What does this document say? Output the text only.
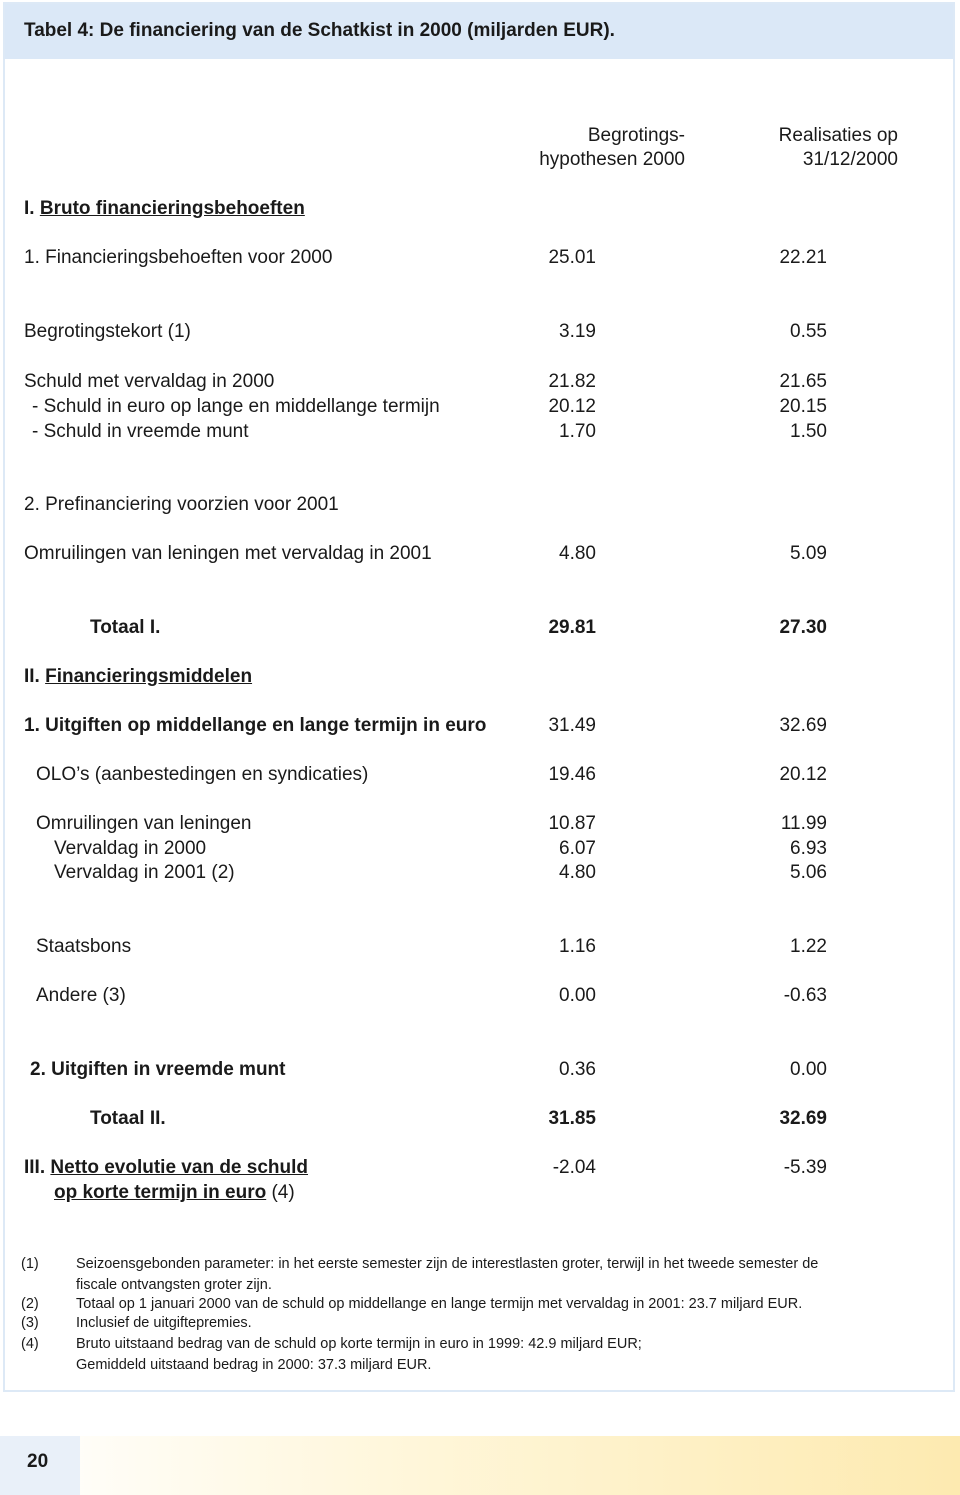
Tabel 4: De financiering van de Schatkist in 2000 (miljarden EUR).
Begrotings-
hypothesen 2000
Realisaties op
31/12/2000
I. Bruto financieringsbehoeften
1. Financieringsbehoeften voor 2000	25.01	22.21
Begrotingstekort (1)	3.19	0.55
Schuld met vervaldag in 2000	21.82	21.65
- Schuld in euro op lange en middellange termijn	20.12	20.15
- Schuld in vreemde munt	1.70	1.50
2. Prefinanciering voorzien voor 2001
Omruilingen van leningen met vervaldag in 2001	4.80	5.09
Totaal I.	29.81	27.30
II. Financieringsmiddelen
1. Uitgiften op middellange en lange termijn in euro	31.49	32.69
OLO’s (aanbestedingen en syndicaties)	19.46	20.12
Omruilingen van leningen	10.87	11.99
Vervaldag in 2000	6.07	6.93
Vervaldag in 2001 (2)	4.80	5.06
Staatsbons	1.16	1.22
Andere (3)	0.00	-0.63
2. Uitgiften in vreemde munt	0.36	0.00
Totaal II.	31.85	32.69
III. Netto evolutie van de schuld
op korte termijn in euro (4)
-2.04	-5.39
(1)	Seizoensgebonden parameter: in het eerste semester zijn de interestlasten groter, terwijl in het tweede semester de
fiscale ontvangsten groter zijn.
(2)	Totaal op 1 januari 2000 van de schuld op middellange en lange termijn met vervaldag in 2001: 23.7 miljard EUR.
(3)	Inclusief de uitgiftepremies.
(4)	Bruto uitstaand bedrag van de schuld op korte termijn in euro in 1999: 42.9 miljard EUR;
Gemiddeld uitstaand bedrag in 2000: 37.3 miljard EUR.
20
